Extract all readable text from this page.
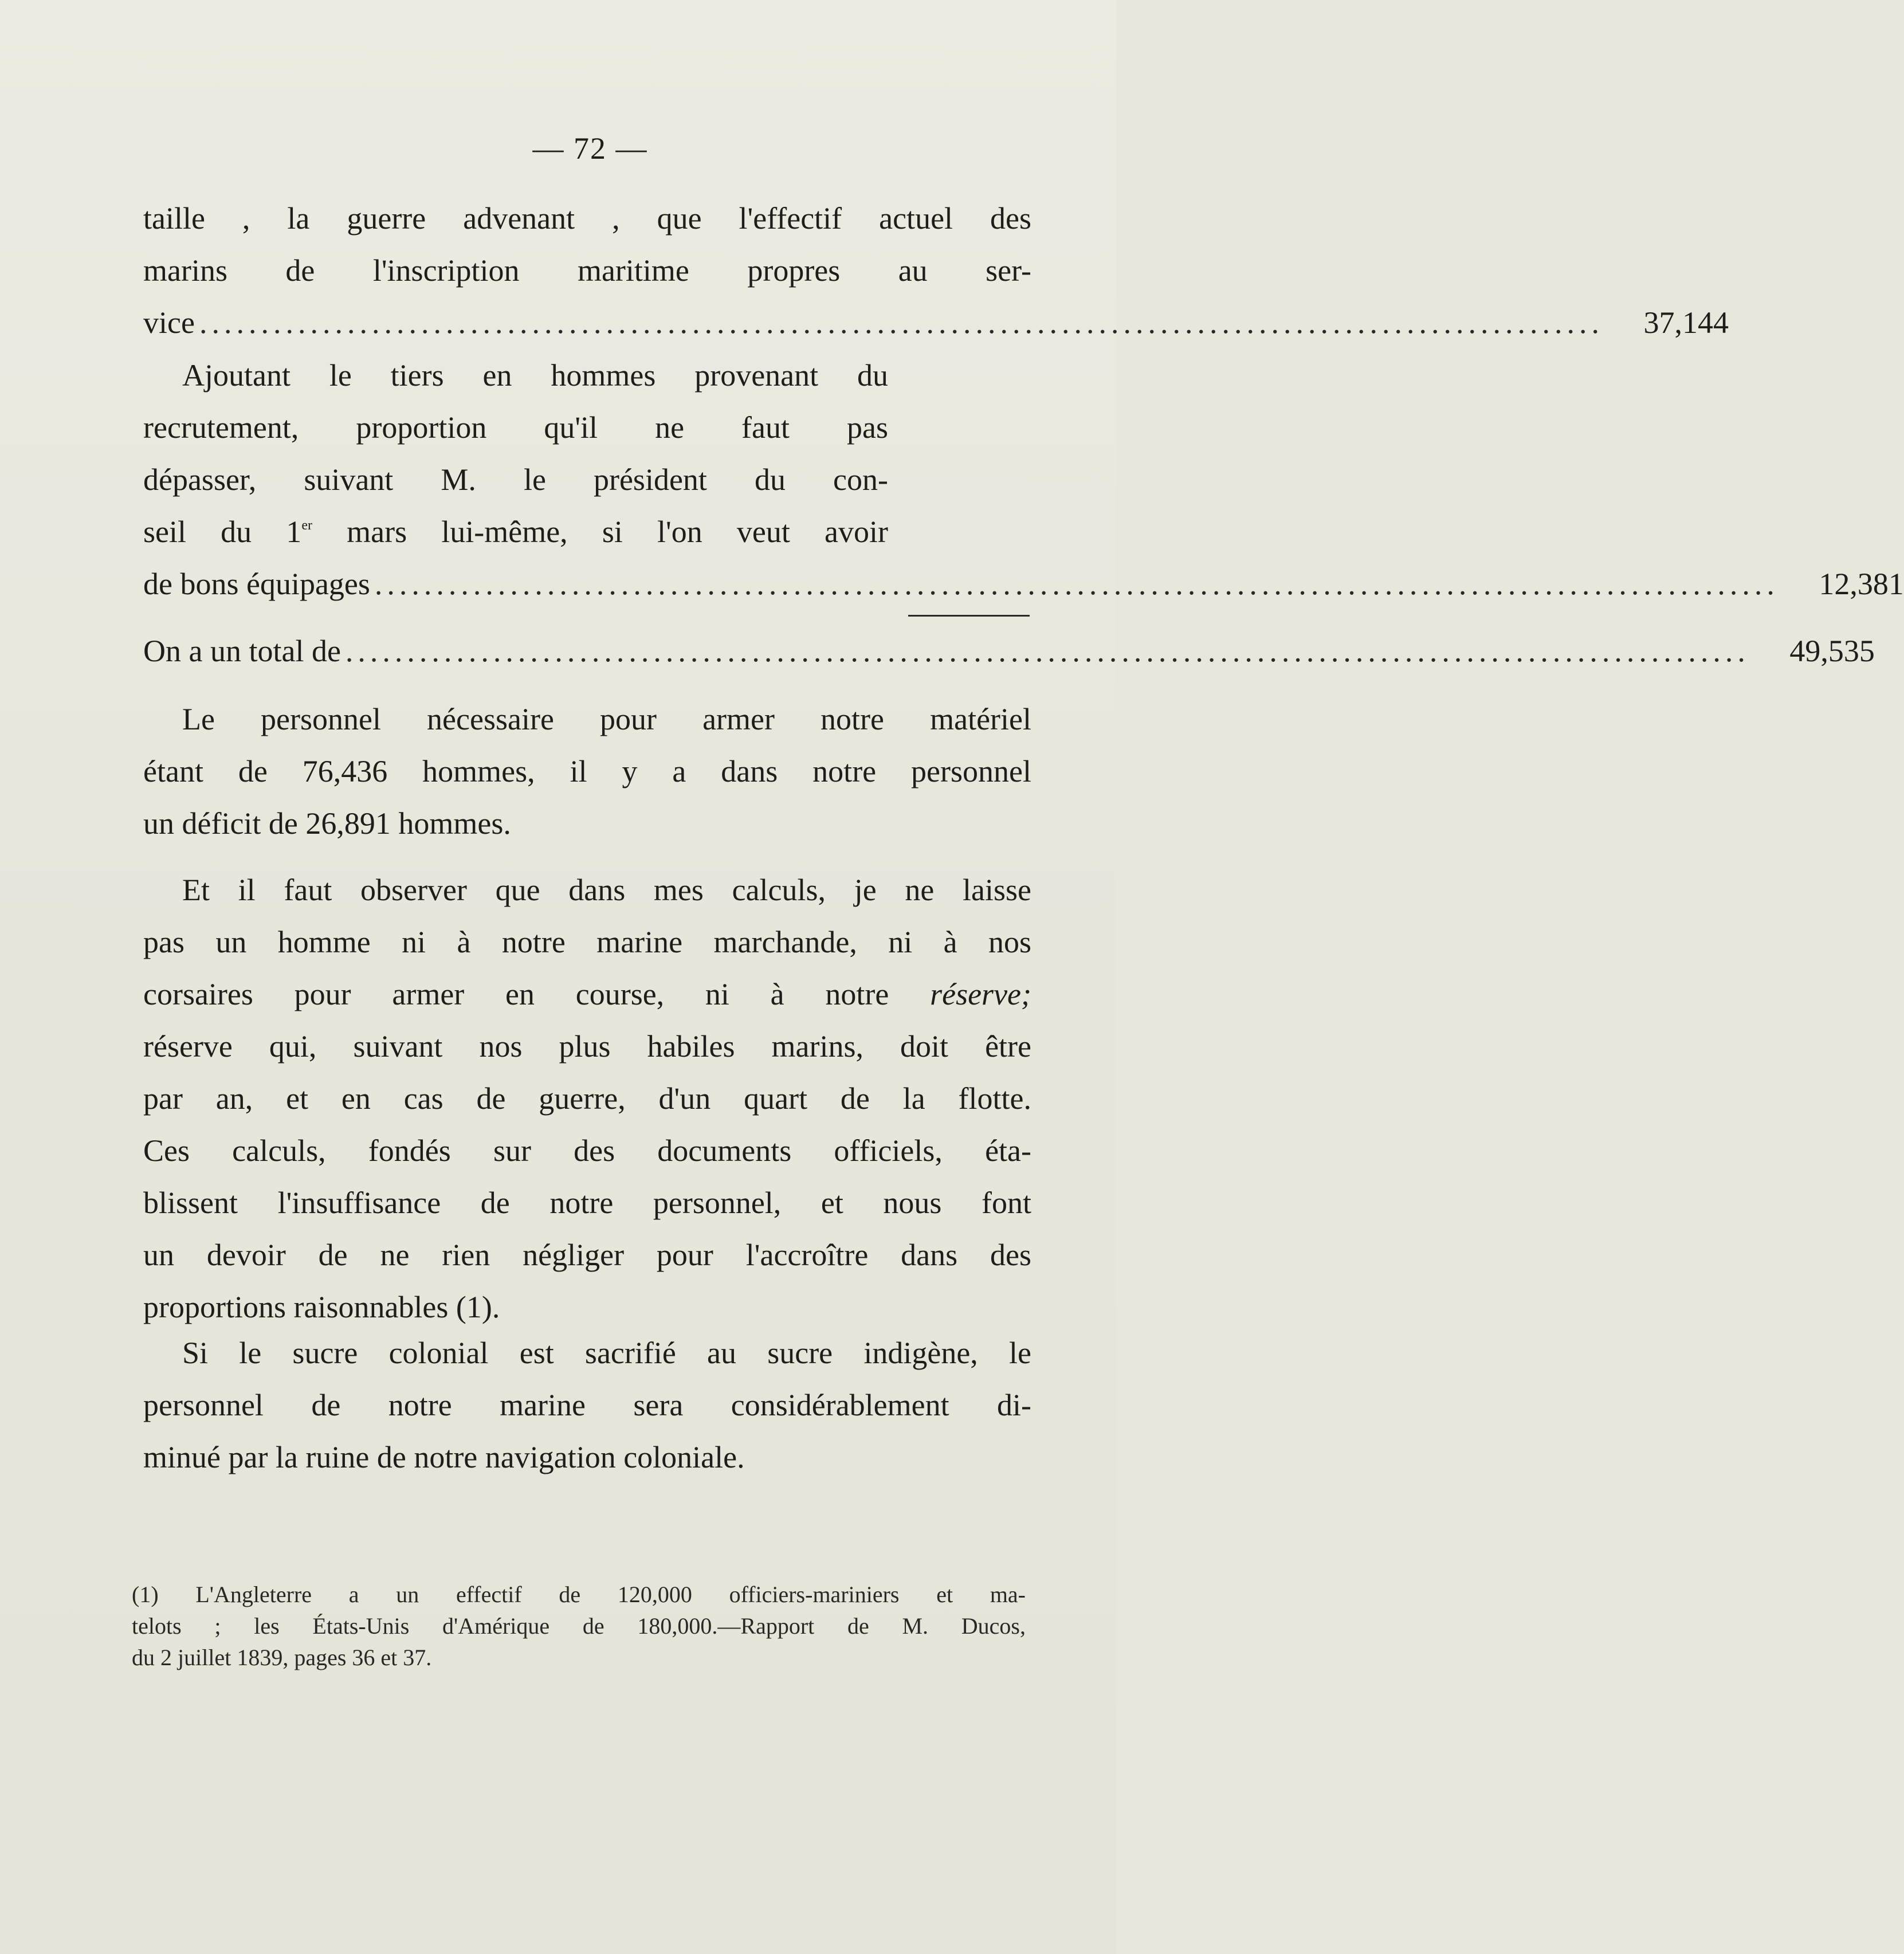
— 72 —
taille , la guerre advenant , que l'effectif actuel des
marins de l'inscription maritime propres au ser-
vice ..................................................................................................................	37,144
Ajoutant le tiers en hommes provenant du
recrutement, proportion qu'il ne faut pas
dépasser, suivant M. le président du con-
seil du 1er mars lui-même, si l'on veut avoir
de bons équipages ..................................................................................................................	12,381
On a un total de ..................................................................................................................	49,535
Le personnel nécessaire pour armer notre matériel
étant de 76,436 hommes, il y a dans notre personnel
un déficit de 26,891 hommes.
Et il faut observer que dans mes calculs, je ne laisse
pas un homme ni à notre marine marchande, ni à nos
corsaires pour armer en course, ni à notre réserve;
réserve qui, suivant nos plus habiles marins, doit être
par an, et en cas de guerre, d'un quart de la flotte.
Ces calculs, fondés sur des documents officiels, éta-
blissent l'insuffisance de notre personnel, et nous font
un devoir de ne rien négliger pour l'accroître dans des
proportions raisonnables (1).
Si le sucre colonial est sacrifié au sucre indigène, le
personnel de notre marine sera considérablement di-
minué par la ruine de notre navigation coloniale.
(1) L'Angleterre a un effectif de 120,000 officiers-mariniers et ma-
telots ; les États-Unis d'Amérique de 180,000.—Rapport de M. Ducos,
du 2 juillet 1839, pages 36 et 37.
